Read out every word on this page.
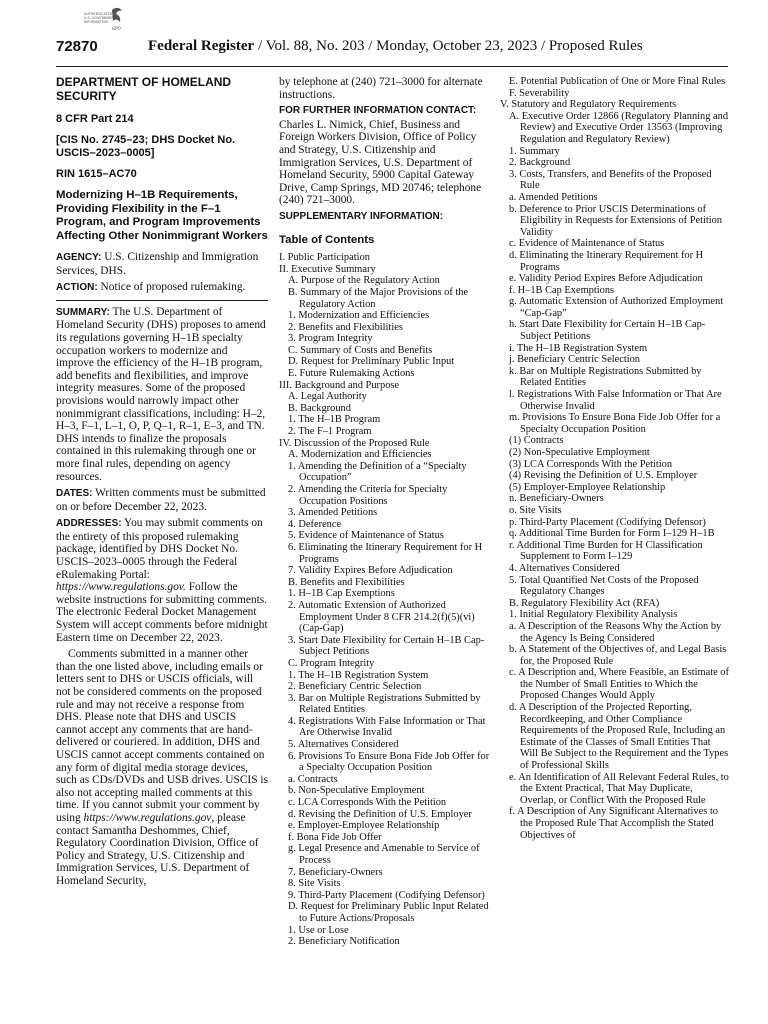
72870
AUTHENTICATED
U.S. GOVERNMENT
INFORMATION
GPO
Federal Register / Vol. 88, No. 203 / Monday, October 23, 2023 / Proposed Rules
DEPARTMENT OF HOMELAND SECURITY
8 CFR Part 214
[CIS No. 2745–23; DHS Docket No. USCIS–2023–0005]
RIN 1615–AC70
Modernizing H–1B Requirements, Providing Flexibility in the F–1 Program, and Program Improvements Affecting Other Nonimmigrant Workers

AGENCY: U.S. Citizenship and Immigration Services, DHS.

ACTION: Notice of proposed rulemaking.

SUMMARY: The U.S. Department of Homeland Security (DHS) proposes to amend its regulations governing H–1B specialty occupation workers to modernize and improve the efficiency of the H–1B program, add benefits and flexibilities, and improve integrity measures. Some of the proposed provisions would narrowly impact other nonimmigrant classifications, including: H–2, H–3, F–1, L–1, O, P, Q–1, R–1, E–3, and TN. DHS intends to finalize the proposals contained in this rulemaking through one or more final rules, depending on agency resources.

DATES: Written comments must be submitted on or before December 22, 2023.

ADDRESSES: You may submit comments on the entirety of this proposed rulemaking package, identified by DHS Docket No. USCIS–2023–0005 through the Federal eRulemaking Portal: https://www.regulations.gov. Follow the website instructions for submitting comments. The electronic Federal Docket Management System will accept comments before midnight Eastern time on December 22, 2023.

Comments submitted in a manner other than the one listed above, including emails or letters sent to DHS or USCIS officials, will not be considered comments on the proposed rule and may not receive a response from DHS. Please note that DHS and USCIS cannot accept any comments that are hand-delivered or couriered. In addition, DHS and USCIS cannot accept comments contained on any form of digital media storage devices, such as CDs/DVDs and USB drives. USCIS is also not accepting mailed comments at this time. If you cannot submit your comment by using https://www.regulations.gov, please contact Samantha Deshommes, Chief, Regulatory Coordination Division, Office of Policy and Strategy, U.S. Citizenship and Immigration Services, U.S. Department of Homeland Security,

by telephone at (240) 721–3000 for alternate instructions.

FOR FURTHER INFORMATION CONTACT:

Charles L. Nimick, Chief, Business and Foreign Workers Division, Office of Policy and Strategy, U.S. Citizenship and Immigration Services, U.S. Department of Homeland Security, 5900 Capital Gateway Drive, Camp Springs, MD 20746; telephone (240) 721–3000.

SUPPLEMENTARY INFORMATION:
Table of Contents
I. Public Participation
II. Executive Summary
A. Purpose of the Regulatory Action
B. Summary of the Major Provisions of the Regulatory Action
1. Modernization and Efficiencies
2. Benefits and Flexibilities
3. Program Integrity
C. Summary of Costs and Benefits
D. Request for Preliminary Public Input
E. Future Rulemaking Actions
III. Background and Purpose
A. Legal Authority
B. Background
1. The H–1B Program
2. The F–1 Program
IV. Discussion of the Proposed Rule
A. Modernization and Efficiencies
1. Amending the Definition of a “Specialty Occupation”
2. Amending the Criteria for Specialty Occupation Positions
3. Amended Petitions
4. Deference
5. Evidence of Maintenance of Status
6. Eliminating the Itinerary Requirement for H Programs
7. Validity Expires Before Adjudication
B. Benefits and Flexibilities
1. H–1B Cap Exemptions
2. Automatic Extension of Authorized Employment Under 8 CFR 214.2(f)(5)(vi) (Cap-Gap)
3. Start Date Flexibility for Certain H–1B Cap-Subject Petitions
C. Program Integrity
1. The H–1B Registration System
2. Beneficiary Centric Selection
3. Bar on Multiple Registrations Submitted by Related Entities
4. Registrations With False Information or That Are Otherwise Invalid
5. Alternatives Considered
6. Provisions To Ensure Bona Fide Job Offer for a Specialty Occupation Position
a. Contracts
b. Non-Speculative Employment
c. LCA Corresponds With the Petition
d. Revising the Definition of U.S. Employer
e. Employer-Employee Relationship
f. Bona Fide Job Offer
g. Legal Presence and Amenable to Service of Process
7. Beneficiary-Owners
8. Site Visits
9. Third-Party Placement (Codifying Defensor)
D. Request for Preliminary Public Input Related to Future Actions/Proposals
1. Use or Lose
2. Beneficiary Notification
E. Potential Publication of One or More Final Rules
F. Severability
V. Statutory and Regulatory Requirements
A. Executive Order 12866 (Regulatory Planning and Review) and Executive Order 13563 (Improving Regulation and Regulatory Review)
1. Summary
2. Background
3. Costs, Transfers, and Benefits of the Proposed Rule
a. Amended Petitions
b. Deference to Prior USCIS Determinations of Eligibility in Requests for Extensions of Petition Validity
c. Evidence of Maintenance of Status
d. Eliminating the Itinerary Requirement for H Programs
e. Validity Period Expires Before Adjudication
f. H–1B Cap Exemptions
g. Automatic Extension of Authorized Employment “Cap-Gap”
h. Start Date Flexibility for Certain H–1B Cap-Subject Petitions
i. The H–1B Registration System
j. Beneficiary Centric Selection
k. Bar on Multiple Registrations Submitted by Related Entities
l. Registrations With False Information or That Are Otherwise Invalid
m. Provisions To Ensure Bona Fide Job Offer for a Specialty Occupation Position
(1) Contracts
(2) Non-Speculative Employment
(3) LCA Corresponds With the Petition
(4) Revising the Definition of U.S. Employer
(5) Employer-Employee Relationship
n. Beneficiary-Owners
o. Site Visits
p. Third-Party Placement (Codifying Defensor)
q. Additional Time Burden for Form I–129 H–1B
r. Additional Time Burden for H Classification Supplement to Form I–129
4. Alternatives Considered
5. Total Quantified Net Costs of the Proposed Regulatory Changes
B. Regulatory Flexibility Act (RFA)
1. Initial Regulatory Flexibility Analysis
a. A Description of the Reasons Why the Action by the Agency Is Being Considered
b. A Statement of the Objectives of, and Legal Basis for, the Proposed Rule
c. A Description and, Where Feasible, an Estimate of the Number of Small Entities to Which the Proposed Changes Would Apply
d. A Description of the Projected Reporting, Recordkeeping, and Other Compliance Requirements of the Proposed Rule, Including an Estimate of the Classes of Small Entities That Will Be Subject to the Requirement and the Types of Professional Skills
e. An Identification of All Relevant Federal Rules, to the Extent Practical, That May Duplicate, Overlap, or Conflict With the Proposed Rule
f. A Description of Any Significant Alternatives to the Proposed Rule That Accomplish the Stated Objectives of
